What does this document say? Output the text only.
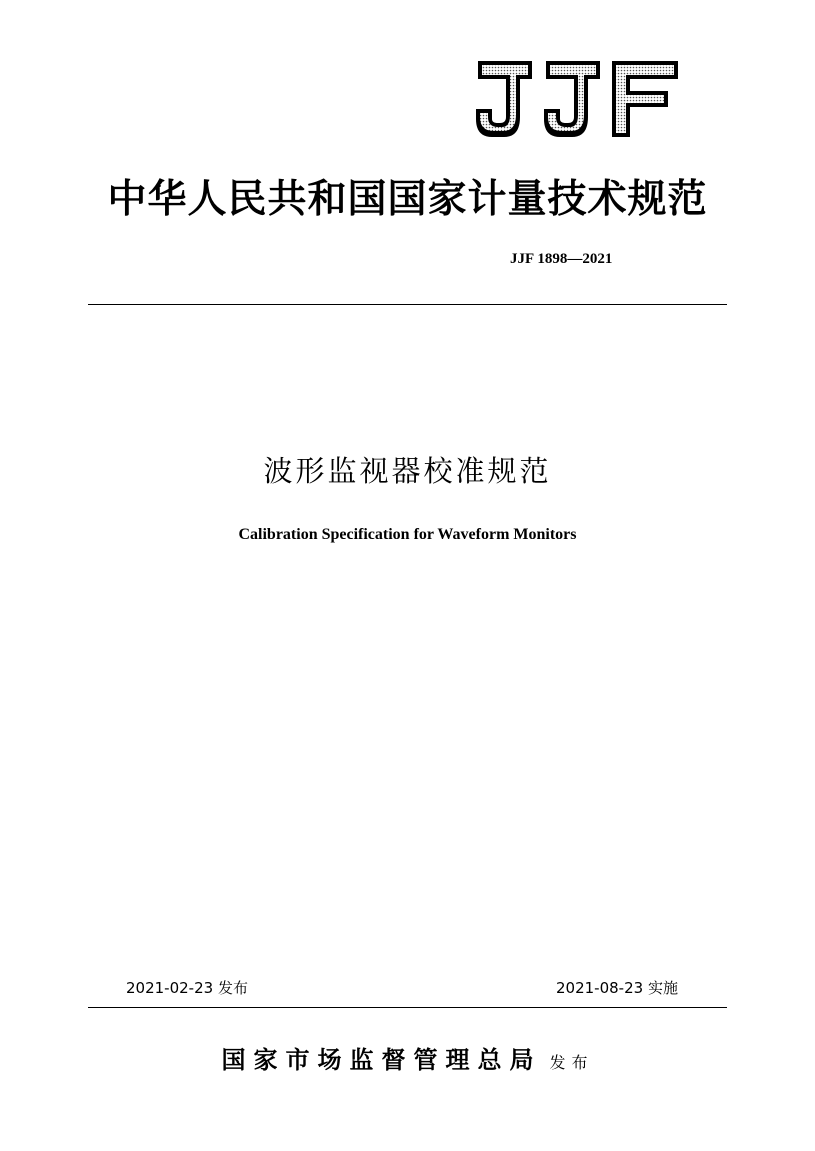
中华人民共和国国家计量技术规范
JJF 1898—2021
波形监视器校准规范
Calibration Specification for Waveform Monitors
2021-02-23 发布	2021-08-23 实施
国家市场监督管理总局 发布
